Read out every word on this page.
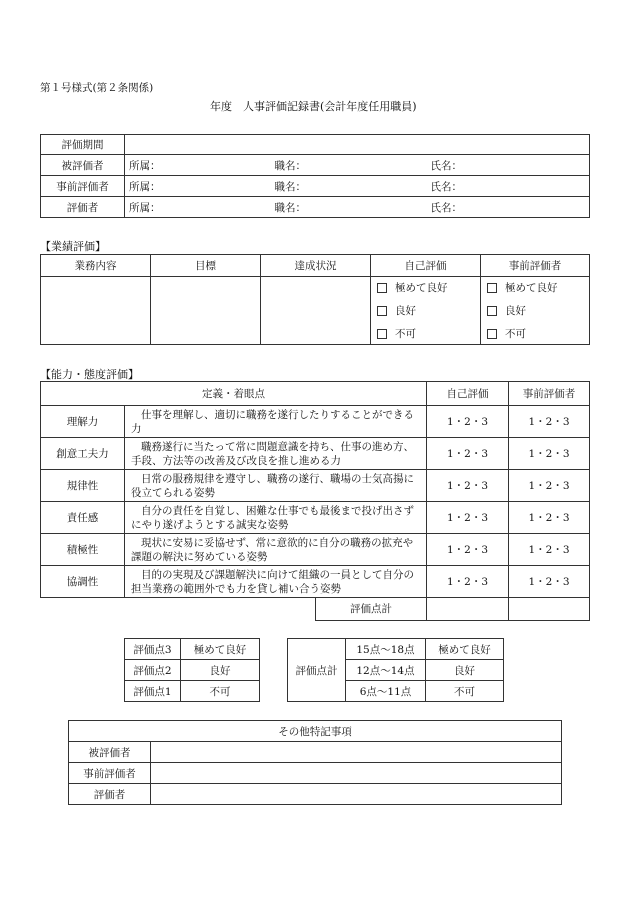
第１号様式(第２条関係)
年度　人事評価記録書(会計年度任用職員)
評価期間			
被評価者	所属：	職名：	氏名：
事前評価者	所属：	職名：	氏名：
評価者	所属：	職名：	氏名：
【業績評価】
業務内容	目標	達成状況	自己評価	事前評価者
			極めて良好	極めて良好
			良好	良好
			不可	不可
【能力・態度評価】
定義・着眼点		自己評価	事前評価者
理解力	仕事を理解し、適切に職務を遂行したりすることができる力	1・2・3	1・2・3
創意工夫力	職務遂行に当たって常に問題意識を持ち、仕事の進め方、手段、方法等の改善及び改良を推し進める力	1・2・3	1・2・3
規律性	日常の服務規律を遵守し、職務の遂行、職場の士気高揚に役立てられる姿勢	1・2・3	1・2・3
責任感	自分の責任を自覚し、困難な仕事でも最後まで投げ出さずにやり遂げようとする誠実な姿勢	1・2・3	1・2・3
積極性	現状に安易に妥協せず、常に意欲的に自分の職務の拡充や課題の解決に努めている姿勢	1・2・3	1・2・3
協調性	目的の実現及び課題解決に向けて組織の一員として自分の担当業務の範囲外でも力を貸し補い合う姿勢	1・2・3	1・2・3

評価点計			

評価点3	極めて良好
評価点2	良好
評価点1	不可
評価点計	15点～18点	極めて良好
	12点～14点	良好
	6点～11点	不可
その他特記事項	
被評価者	
事前評価者	
評価者	
